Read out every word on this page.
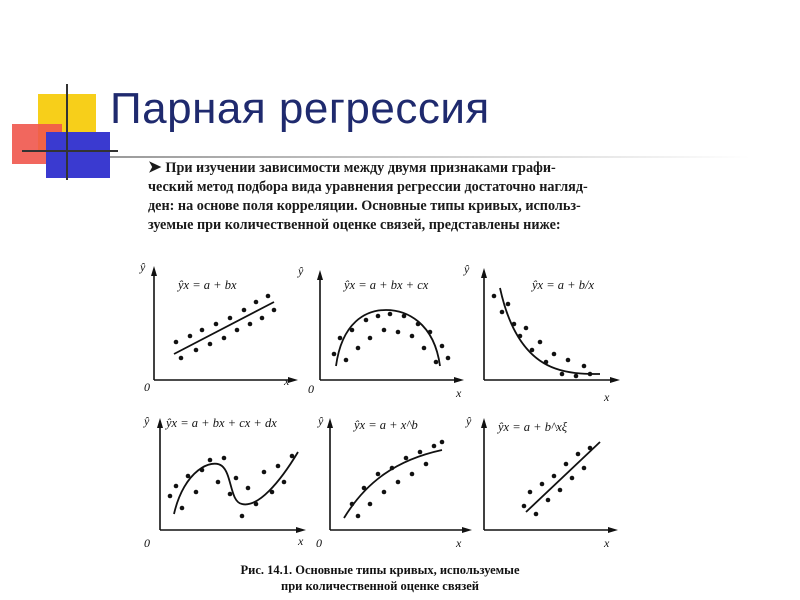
Парная регрессия
➤ При изучении зависимости между двумя признаками графи-
ческий метод подбора вида уравнения регрессии достаточно нагляд-
ден: на основе поля корреляции. Основные типы кривых, использ-
зуемые при количественной оценке связей, представлены ниже:
ŷ
0	x
ŷx = a + bx
ŷ
0	x
ŷx = a + bx + cx
ŷ
x
ŷx = a + b/x
ŷ
0	x
ŷx = a + bx + cx + dx	ŷ
0	x
ŷx = a + x^b	ŷ
x
ŷx = a + b^xξ
Рис. 14.1. Основные типы кривых, используемые
при количественной оценке связей
